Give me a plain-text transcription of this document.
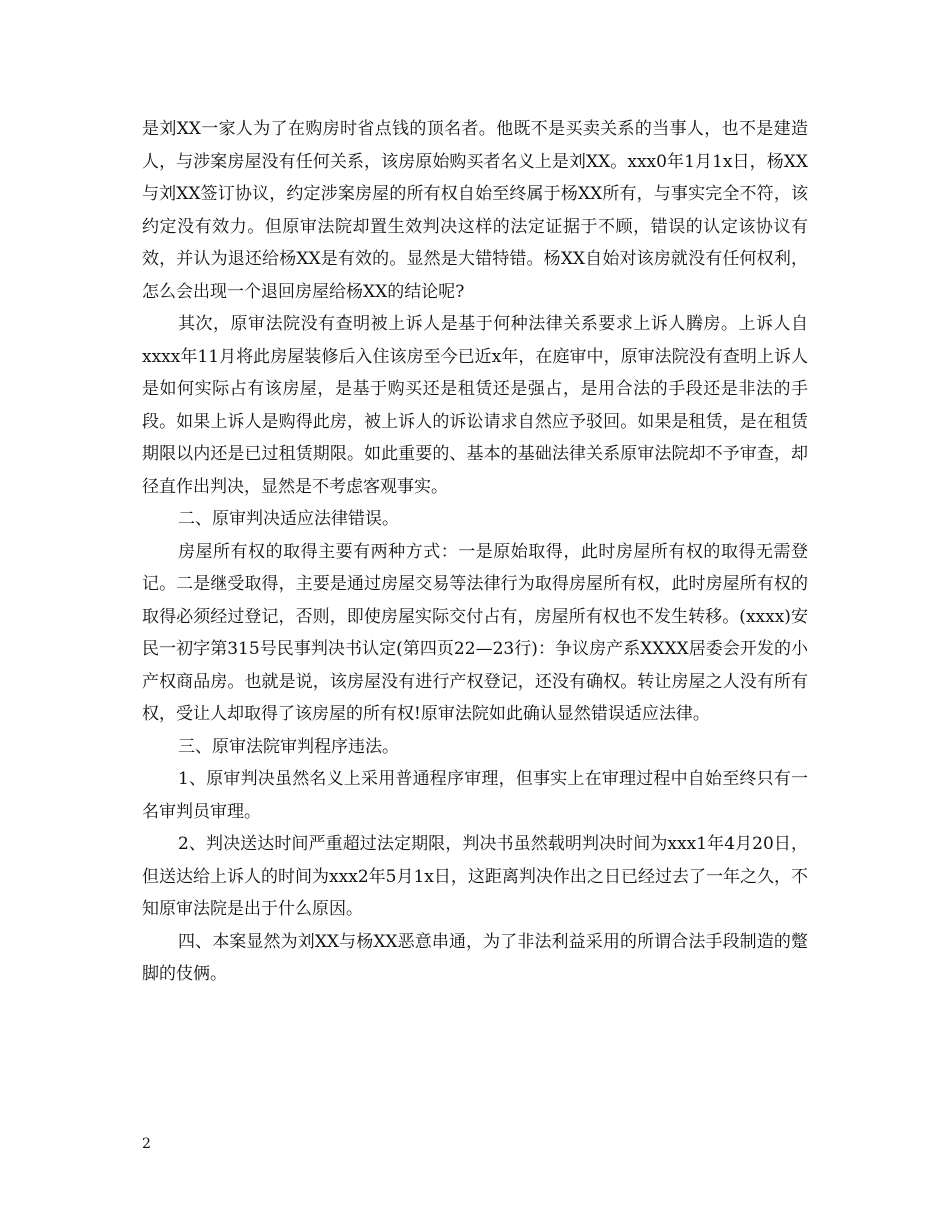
是刘XX一家人为了在购房时省点钱的顶名者。他既不是买卖关系的当事人，也不是建造人，与涉案房屋没有任何关系，该房原始购买者名义上是刘XX。xxx0年1月1x日，杨XX与刘XX签订协议，约定涉案房屋的所有权自始至终属于杨XX所有，与事实完全不符，该约定没有效力。但原审法院却置生效判决这样的法定证据于不顾，错误的认定该协议有效，并认为退还给杨XX是有效的。显然是大错特错。杨XX自始对该房就没有任何权利，怎么会出现一个退回房屋给杨XX的结论呢?

其次，原审法院没有查明被上诉人是基于何种法律关系要求上诉人腾房。上诉人自xxxx年11月将此房屋装修后入住该房至今已近x年，在庭审中，原审法院没有查明上诉人是如何实际占有该房屋，是基于购买还是租赁还是强占，是用合法的手段还是非法的手段。如果上诉人是购得此房，被上诉人的诉讼请求自然应予驳回。如果是租赁，是在租赁期限以内还是已过租赁期限。如此重要的、基本的基础法律关系原审法院却不予审查，却径直作出判决，显然是不考虑客观事实。

二、原审判决适应法律错误。

房屋所有权的取得主要有两种方式：一是原始取得，此时房屋所有权的取得无需登记。二是继受取得，主要是通过房屋交易等法律行为取得房屋所有权，此时房屋所有权的取得必须经过登记，否则，即使房屋实际交付占有，房屋所有权也不发生转移。(xxxx)安民一初字第315号民事判决书认定(第四页22—23行)：争议房产系XXXX居委会开发的小产权商品房。也就是说，该房屋没有进行产权登记，还没有确权。转让房屋之人没有所有权，受让人却取得了该房屋的所有权!原审法院如此确认显然错误适应法律。

三、原审法院审判程序违法。

1、原审判决虽然名义上采用普通程序审理，但事实上在审理过程中自始至终只有一名审判员审理。

2、判决送达时间严重超过法定期限，判决书虽然载明判决时间为xxx1年4月20日，但送达给上诉人的时间为xxx2年5月1x日，这距离判决作出之日已经过去了一年之久，不知原审法院是出于什么原因。

四、本案显然为刘XX与杨XX恶意串通，为了非法利益采用的所谓合法手段制造的蹩脚的伎俩。

2
